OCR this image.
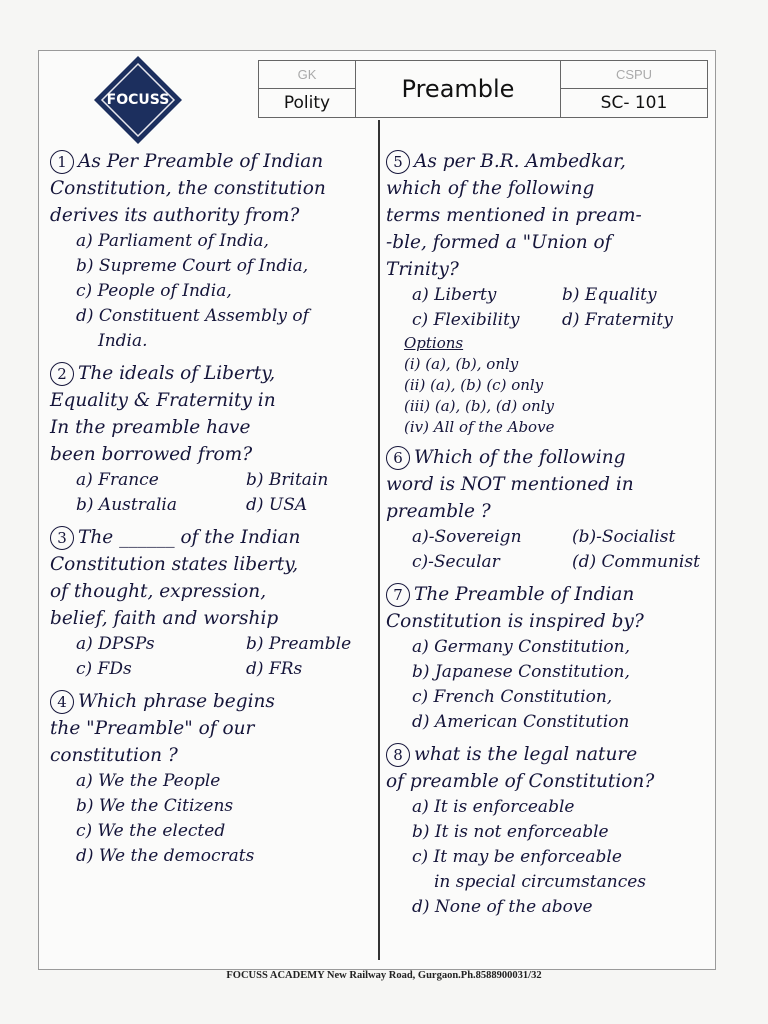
FOCUSS
GK
Polity	Preamble
CSPU
SC- 101
1 As Per Preamble of Indian
Constitution, the constitution
derives its authority from?
a) Parliament of India,
b) Supreme Court of India,
c) People of India,
d) Constituent Assembly of
India.
2 The ideals of Liberty,
Equality & Fraternity in
In the preamble have
been borrowed from?
a) France	b) Britain
b) Australia	d) USA
3 The ______ of the Indian
Constitution states liberty,
of thought, expression,
belief, faith and worship
a) DPSPs	b) Preamble
c) FDs	d) FRs
4 Which phrase begins
the "Preamble" of our
constitution ?
a) We the People
b) We the Citizens
c) We the elected
d) We the democrats
5 As per B.R. Ambedkar,
which of the following
terms mentioned in pream-
-ble, formed a "Union of
Trinity?
a) Liberty	b) Equality
c) Flexibility	d) Fraternity
Options
(i) (a), (b), only
(ii) (a), (b) (c) only
(iii) (a), (b), (d) only
(iv) All of the Above
6 Which of the following
word is NOT mentioned in
preamble ?
a)-Sovereign	(b)-Socialist
c)-Secular	(d) Communist
7 The Preamble of Indian
Constitution is inspired by?
a) Germany Constitution,
b) Japanese Constitution,
c) French Constitution,
d) American Constitution
8 what is the legal nature
of preamble of Constitution?
a) It is enforceable
b) It is not enforceable
c) It may be enforceable
in special circumstances
d) None of the above
FOCUSS ACADEMY New Railway Road, Gurgaon.Ph.8588900031/32
